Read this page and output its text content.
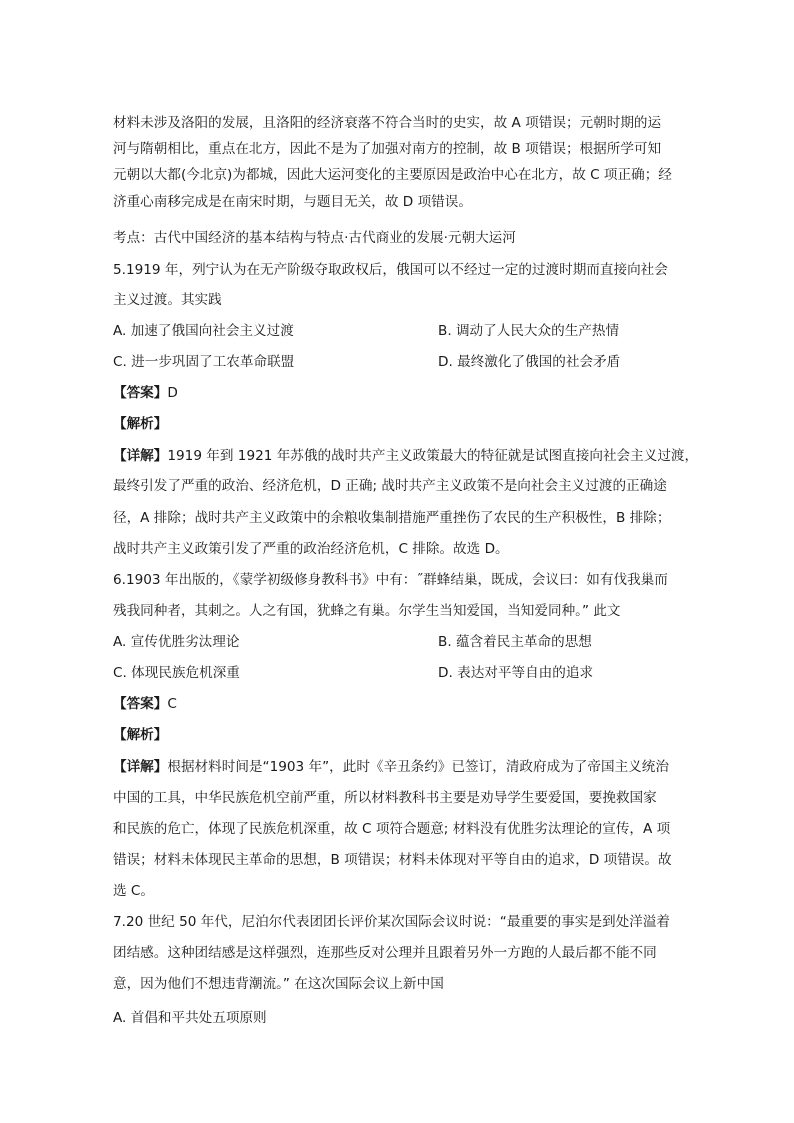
材料未涉及洛阳的发展，且洛阳的经济衰落不符合当时的史实，故 A 项错误；元朝时期的运
河与隋朝相比，重点在北方，因此不是为了加强对南方的控制，故 B 项错误；根据所学可知
元朝以大都(今北京)为都城，因此大运河变化的主要原因是政治中心在北方，故 C 项正确；经
济重心南移完成是在南宋时期，与题目无关，故 D 项错误。
考点：古代中国经济的基本结构与特点·古代商业的发展·元朝大运河
5.1919 年，列宁认为在无产阶级夺取政权后，俄国可以不经过一定的过渡时期而直接向社会
主义过渡。其实践
A. 加速了俄国向社会主义过渡	B. 调动了人民大众的生产热情
C. 进一步巩固了工农革命联盟	D. 最终激化了俄国的社会矛盾
【答案】D
【解析】
【详解】1919 年到 1921 年苏俄的战时共产主义政策最大的特征就是试图直接向社会主义过渡，
最终引发了严重的政治、经济危机，D 正确; 战时共产主义政策不是向社会主义过渡的正确途
径，A 排除；战时共产主义政策中的余粮收集制措施严重挫伤了农民的生产积极性，B 排除；
战时共产主义政策引发了严重的政治经济危机，C 排除。故选 D。
6.1903 年出版的，《蒙学初级修身教科书》中有：˝群蜂结巢，既成，会议曰：如有伐我巢而
残我同种者，其刺之。人之有国，犹蜂之有巢。尔学生当知爱国，当知爱同种。” 此文
A. 宣传优胜劣汰理论	B. 蕴含着民主革命的思想
C. 体现民族危机深重	D. 表达对平等自由的追求
【答案】C
【解析】
【详解】根据材料时间是“1903 年”，此时《辛丑条约》已签订，清政府成为了帝国主义统治
中国的工具，中华民族危机空前严重，所以材料教科书主要是劝导学生要爱国，要挽救国家
和民族的危亡，体现了民族危机深重，故 C 项符合题意; 材料没有优胜劣汰理论的宣传，A 项
错误；材料未体现民主革命的思想，B 项错误；材料未体现对平等自由的追求，D 项错误。故
选 C。
7.20 世纪 50 年代，尼泊尔代表团团长评价某次国际会议时说：“最重要的事实是到处洋溢着
团结感。这种团结感是这样强烈，连那些反对公理并且跟着另外一方跑的人最后都不能不同
意，因为他们不想违背潮流。” 在这次国际会议上新中国
A. 首倡和平共处五项原则
